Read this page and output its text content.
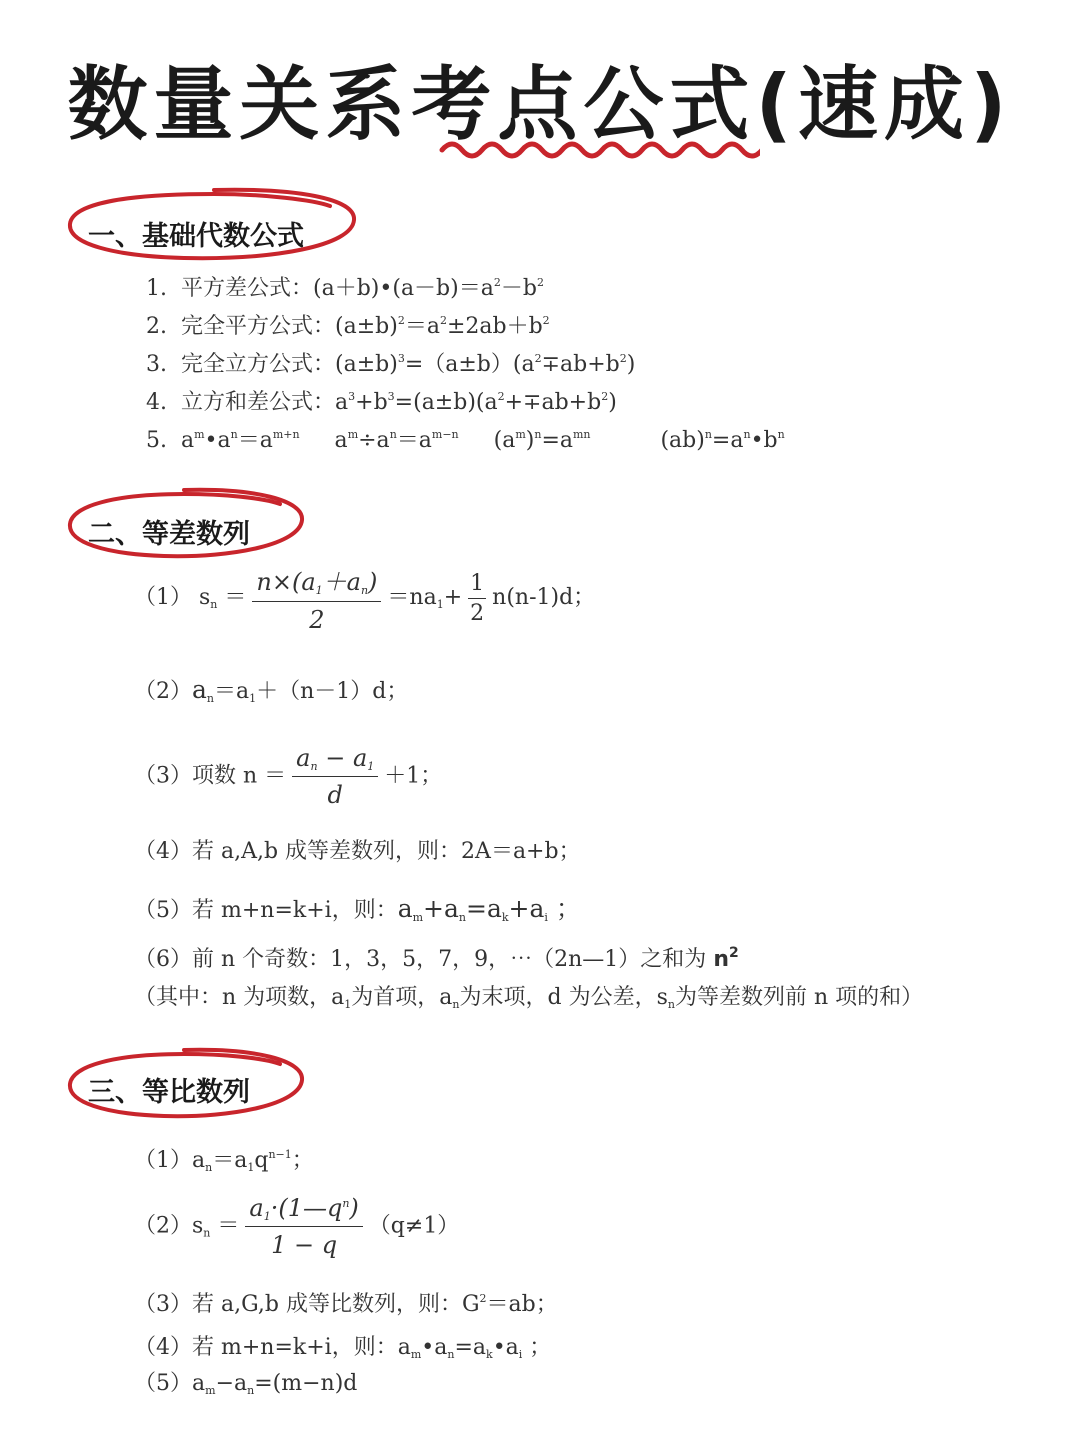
数量关系考点公式(速成)
一、基础代数公式
1. 平方差公式：$(a+b)•(a-b)=a^2-b^2$
2. 完全平方公式：$(a\pm b)^2=a^2\pm 2ab+b^2$
3. 完全立方公式：$(a\pm b)^3=(a\pm b)(a^2\mp ab+b^2)$
4. 立方和差公式：$a^3+b^3=(a\pm b)(a^2+\mp ab+b^2)$
5.  $a^m•a^n=a^{m+n}$     $a^m\div a^n=a^{m-n}$     $(a^m)^n=a^{mn}$          $(ab)^n=a^n•b^n$
二、等差数列
（1） $s_n = \frac{n\times(a_1+a_n)}{2} =na_1+ \frac{1}{2} n(n-1)d$；
$(2)a_n=a_1+(n-1)d$；
（3）项数 $n = \frac{a_n - a_1}{d} +1$；
（4）若 a,A,b 成等差数列，则：2A＝a+b；
（5）若 m+n=k+i，则：$a_m+a_n=a_k+a_i$ ；
（6）前 n 个奇数：1，3，5，7，9，⋯（2n—1）之和为 $n^2$
（其中：n 为项数，$a_1$为首项，$a_n$为末项，d 为公差，$s_n$为等差数列前 n 项的和）
三、等比数列
$(1)a_n=a_1q^{n-1}$；
$(2)s_n = \frac{a_1\cdot(1—q^n)}{1 - q} (q\ne 1)$
（3）若 a,G,b 成等比数列，则：$G^2=ab$；
（4）若 m+n=k+i，则：$a_m•a_n=a_k•a_i$ ；
$(5)a_m-a_n=(m-n)d$
